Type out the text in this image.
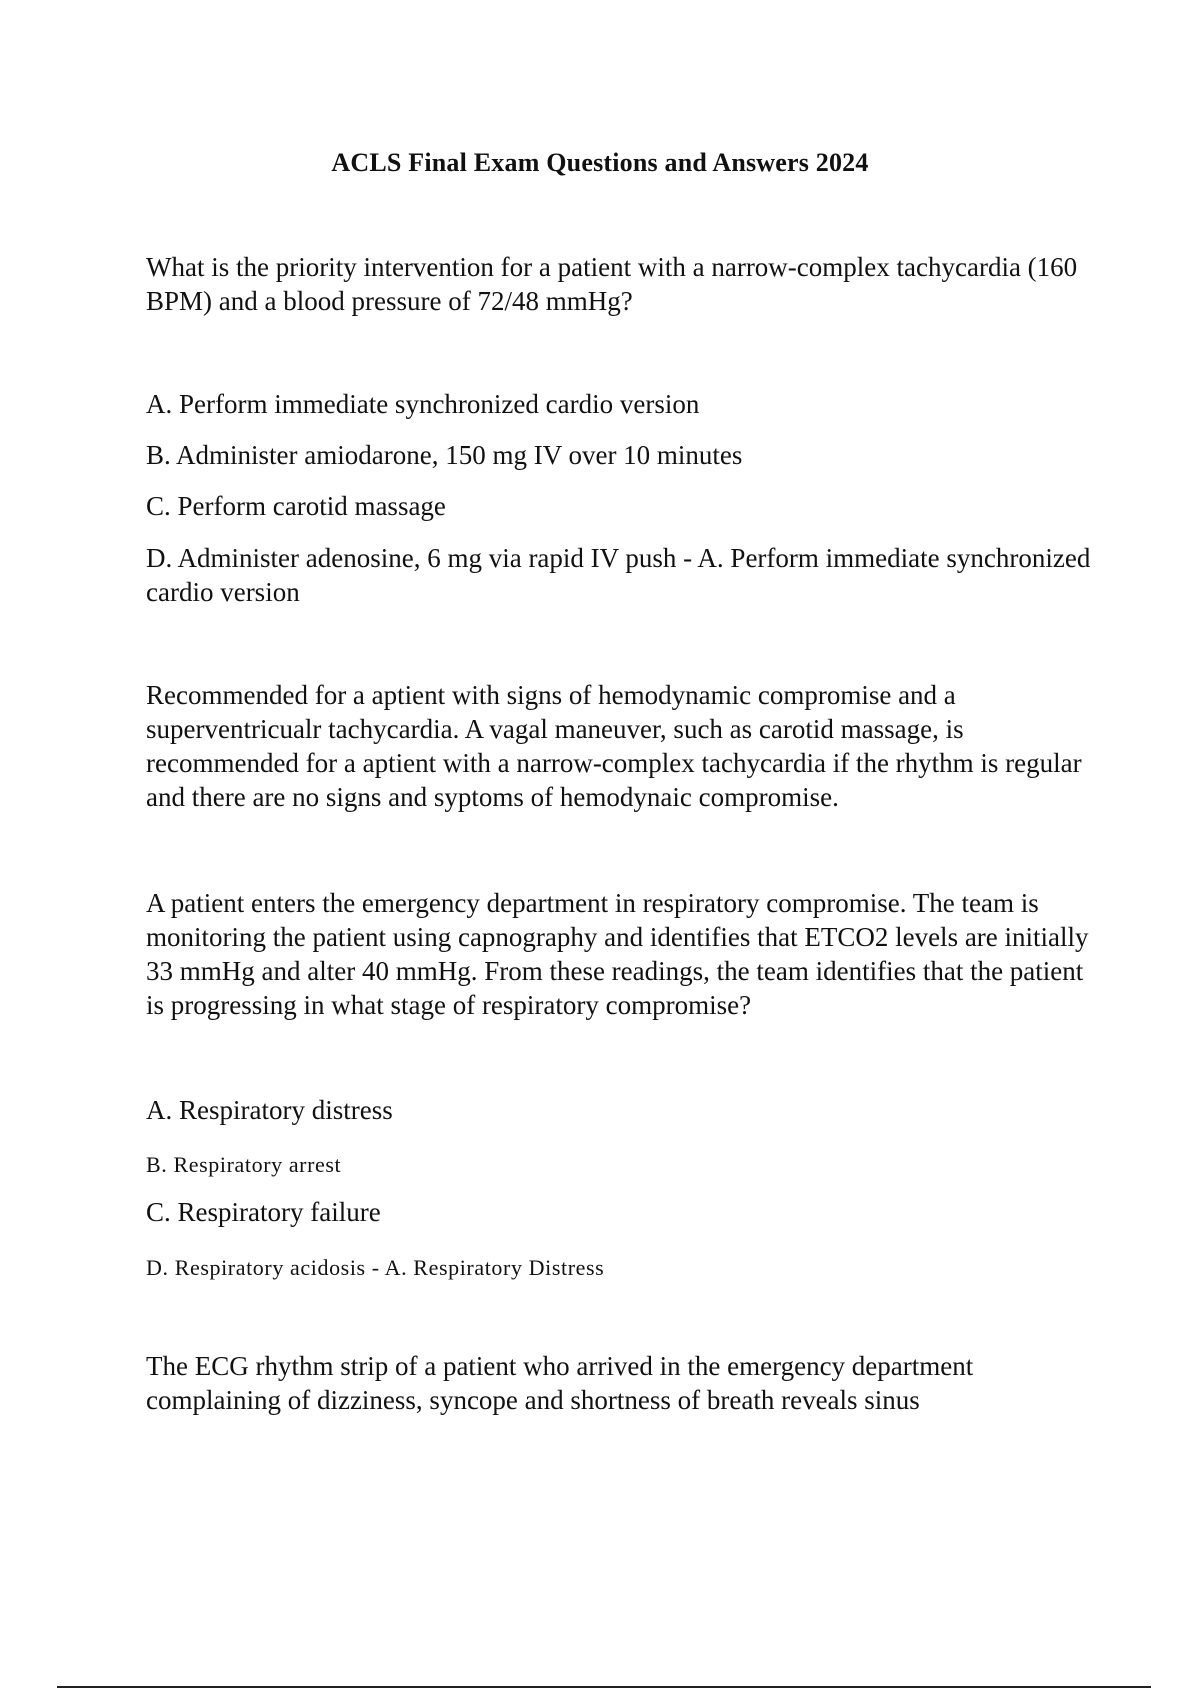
ACLS Final Exam Questions and Answers 2024
What is the priority intervention for a patient with a narrow-complex tachycardia (160 BPM) and a blood pressure of 72/48 mmHg?
A. Perform immediate synchronized cardio version
B. Administer amiodarone, 150 mg IV over 10 minutes
C. Perform carotid massage
D. Administer adenosine, 6 mg via rapid IV push - A. Perform immediate synchronized cardio version
Recommended for a aptient with signs of hemodynamic compromise and a superventricualr tachycardia. A vagal maneuver, such as carotid massage, is recommended for a aptient with a narrow-complex tachycardia if the rhythm is regular and there are no signs and syptoms of hemodynaic compromise.
A patient enters the emergency department in respiratory compromise. The team is monitoring the patient using capnography and identifies that ETCO2 levels are initially 33 mmHg and alter 40 mmHg. From these readings, the team identifies that the patient is progressing in what stage of respiratory compromise?
A. Respiratory distress
B. Respiratory arrest
C. Respiratory failure
D. Respiratory acidosis - A. Respiratory Distress
The ECG rhythm strip of a patient who arrived in the emergency department complaining of dizziness, syncope and shortness of breath reveals sinus
